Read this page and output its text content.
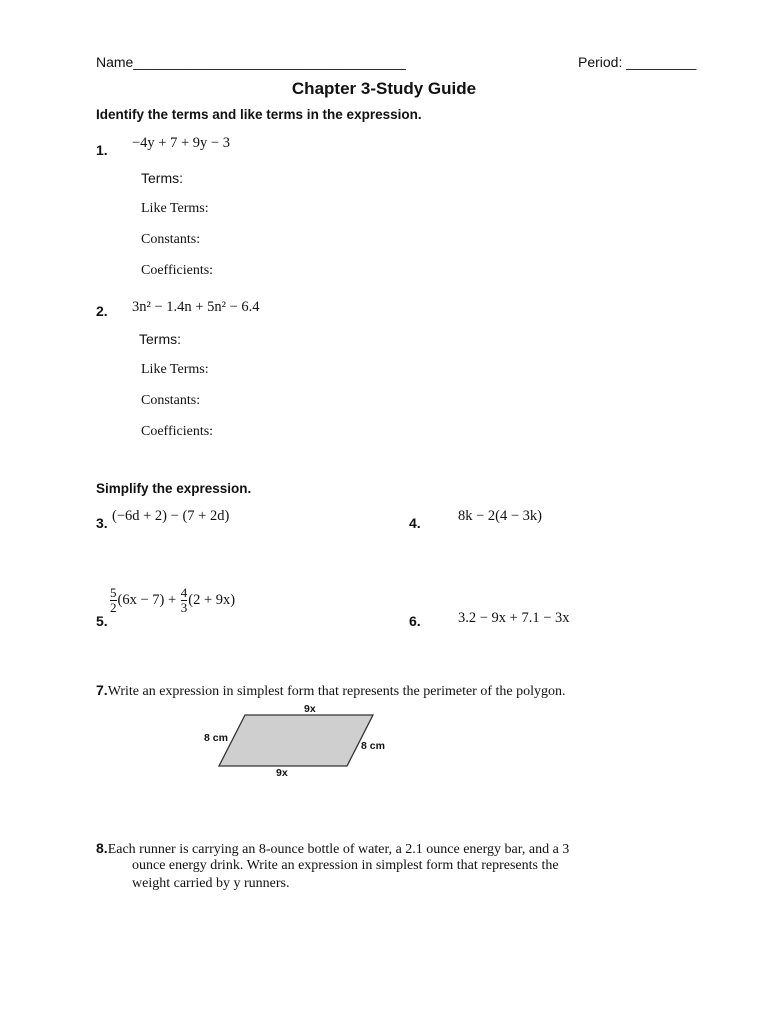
Name___________________________________	Period: _________
Chapter 3-Study Guide
Identify the terms and like terms in the expression.
1. −4y + 7 + 9y − 3
Terms:
Like Terms:
Constants:
Coefficients:
2. 3n² − 1.4n + 5n² − 6.4
Terms:
Like Terms:
Constants:
Coefficients:
Simplify the expression.
3. (−6d + 2) − (7 + 2d)	4.	8k − 2(4 − 3k)
5.
$\frac{5}{2} (6x - 7) + \frac{4}{3} (2 + 9x)$
6.	3.2 − 9x + 7.1 − 3x
7.Write an expression in simplest form that represents the perimeter of the polygon.
9x
8 cm
8 cm
9x
8.Each runner is carrying an 8-ounce bottle of water, a 2.1 ounce energy bar, and a 3
ounce energy drink. Write an expression in simplest form that represents the
weight carried by y runners.
